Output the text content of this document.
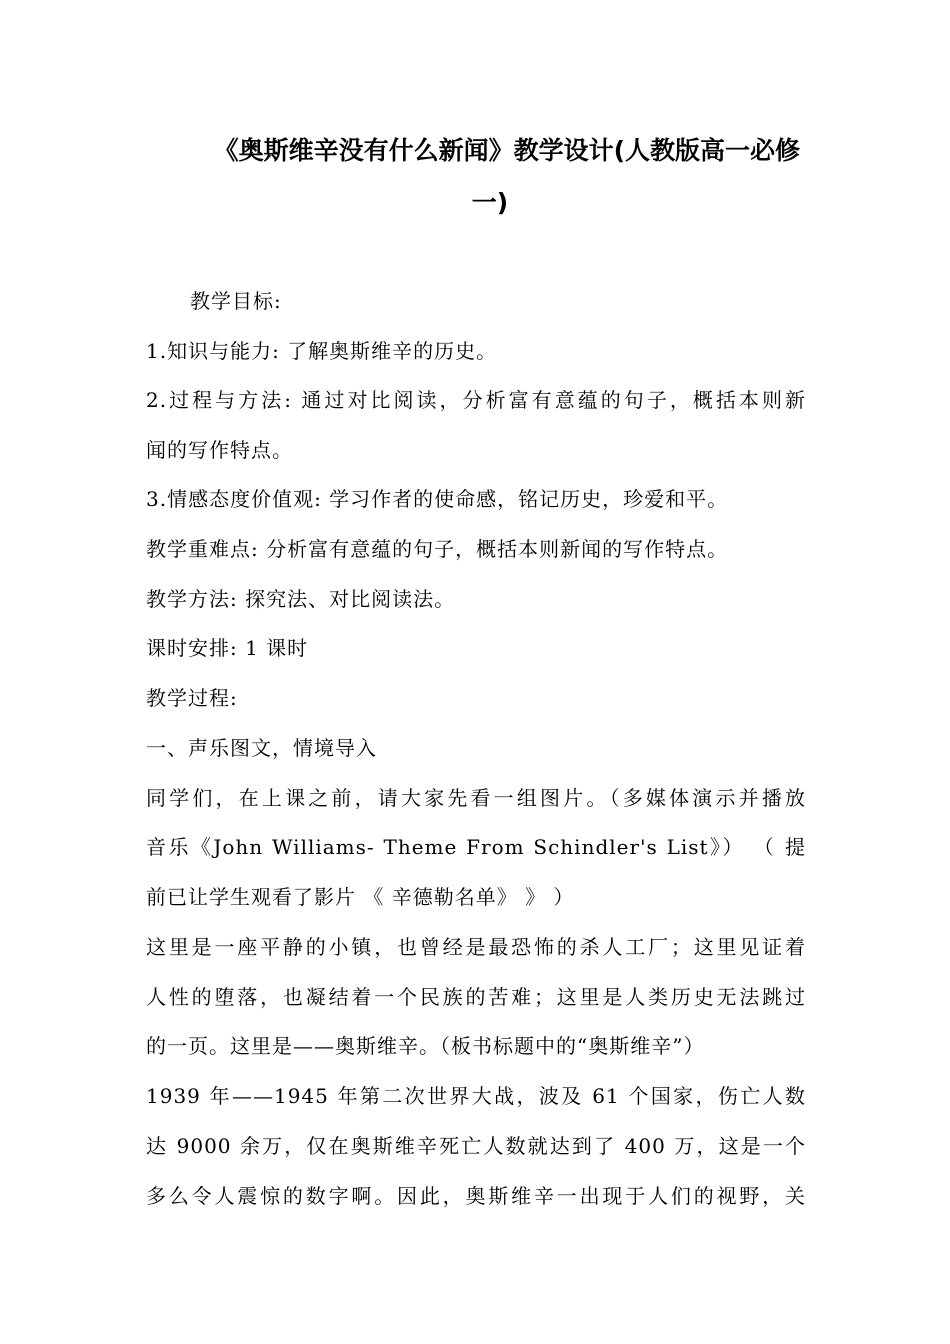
《奥斯维辛没有什么新闻》教学设计(人教版高一必修
一)
教学目标:
1.知识与能力: 了解奥斯维辛的历史。
2.过程与方法: 通过对比阅读，分析富有意蕴的句子，概括本则新
闻的写作特点。
3.情感态度价值观: 学习作者的使命感，铭记历史，珍爱和平。
教学重难点: 分析富有意蕴的句子，概括本则新闻的写作特点。
教学方法: 探究法、对比阅读法。
课时安排: 1 课时
教学过程:
一、声乐图文，情境导入
同学们，在上课之前，请大家先看一组图片。（多媒体演示并播放
音乐《John Williams- Theme From Schindler's List》） （ 提
前已让学生观看了影片 《 辛德勒名单》 》 ）
这里是一座平静的小镇，也曾经是最恐怖的杀人工厂；这里见证着
人性的堕落，也凝结着一个民族的苦难；这里是人类历史无法跳过
的一页。这里是——奥斯维辛。（板书标题中的“奥斯维辛”）
1939 年——1945 年第二次世界大战，波及 61 个国家，伤亡人数
达 9000 余万，仅在奥斯维辛死亡人数就达到了 400 万，这是一个
多么令人震惊的数字啊。因此，奥斯维辛一出现于人们的视野，关
